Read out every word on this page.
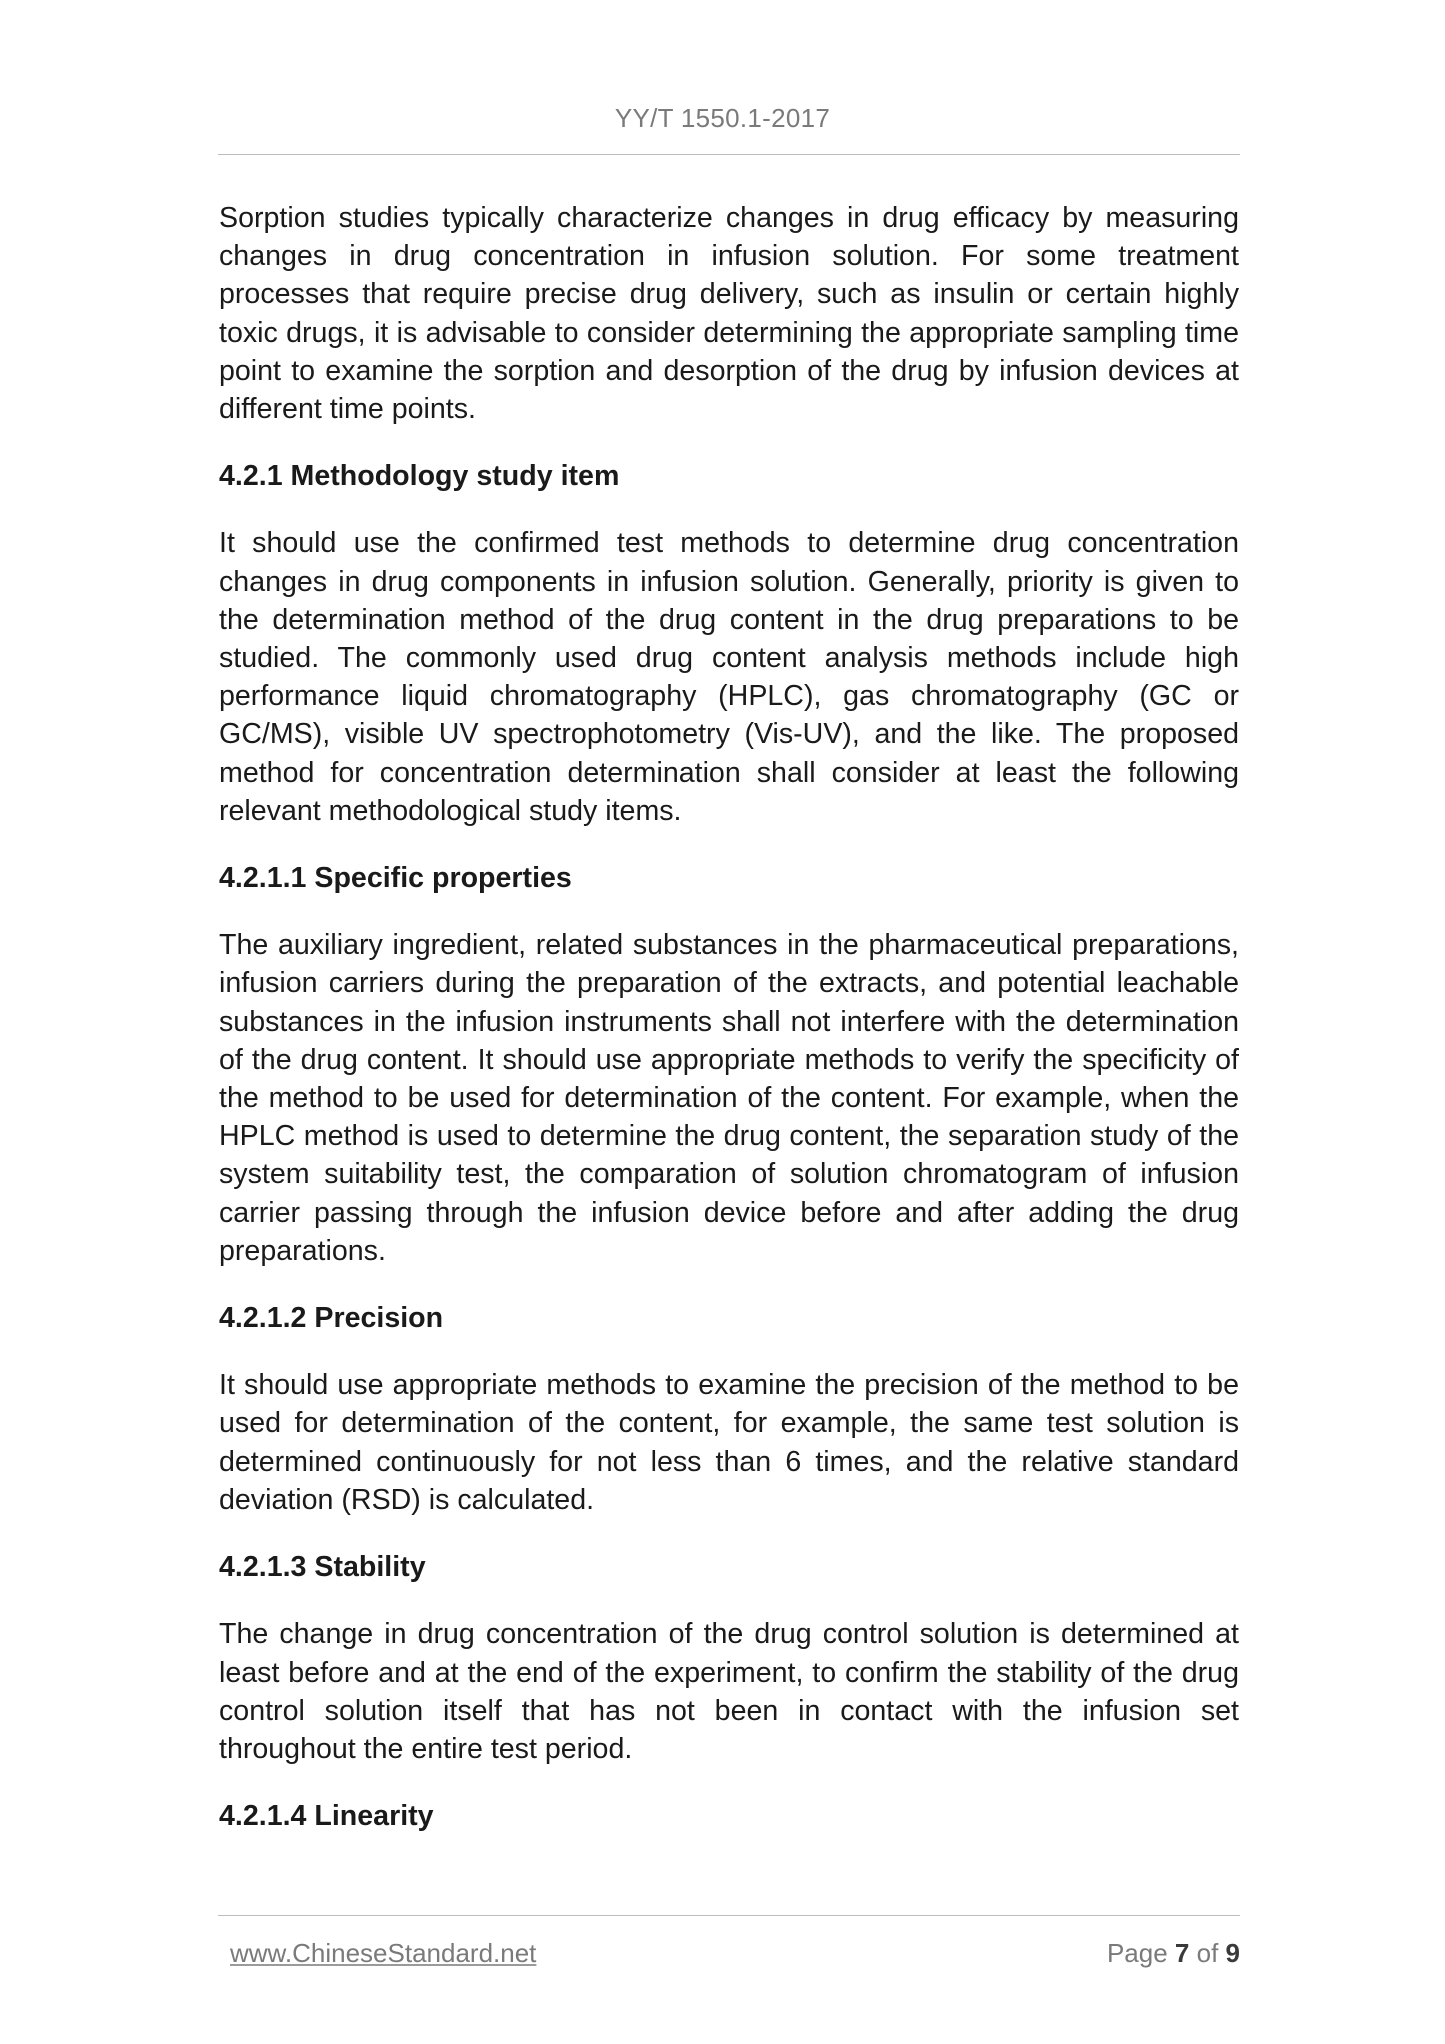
YY/T 1550.1-2017

Sorption studies typically characterize changes in drug efficacy by measuring changes in drug concentration in infusion solution. For some treatment processes that require precise drug delivery, such as insulin or certain highly toxic drugs, it is advisable to consider determining the appropriate sampling time point to examine the sorption and desorption of the drug by infusion devices at different time points.

4.2.1 Methodology study item

It should use the confirmed test methods to determine drug concentration changes in drug components in infusion solution. Generally, priority is given to the determination method of the drug content in the drug preparations to be studied. The commonly used drug content analysis methods include high performance liquid chromatography (HPLC), gas chromatography (GC or GC/MS), visible UV spectrophotometry (Vis-UV), and the like. The proposed method for concentration determination shall consider at least the following relevant methodological study items.

4.2.1.1 Specific properties

The auxiliary ingredient, related substances in the pharmaceutical preparations, infusion carriers during the preparation of the extracts, and potential leachable substances in the infusion instruments shall not interfere with the determination of the drug content. It should use appropriate methods to verify the specificity of the method to be used for determination of the content. For example, when the HPLC method is used to determine the drug content, the separation study of the system suitability test, the comparation of solution chromatogram of infusion carrier passing through the infusion device before and after adding the drug preparations.

4.2.1.2 Precision

It should use appropriate methods to examine the precision of the method to be used for determination of the content, for example, the same test solution is determined continuously for not less than 6 times, and the relative standard deviation (RSD) is calculated.

4.2.1.3 Stability

The change in drug concentration of the drug control solution is determined at least before and at the end of the experiment, to confirm the stability of the drug control solution itself that has not been in contact with the infusion set throughout the entire test period.

4.2.1.4 Linearity

www.ChineseStandard.net	Page 7 of 9
